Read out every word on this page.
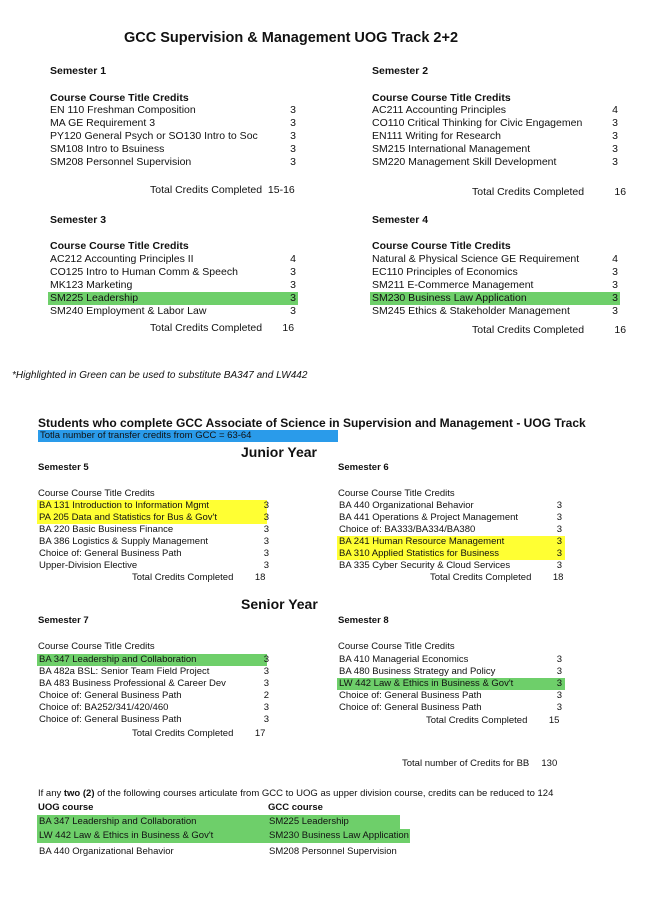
GCC Supervision & Management UOG Track 2+2
Semester 1
Course Course Title Credits
EN 110 Freshman Composition	3
MA GE Requirement 3	3
PY120 General Psych or SO130 Intro to Soc	3
SM108 Intro to Bsuiness	3
SM208 Personnel Supervision	3
Total Credits Completed 15-16
Semester 2
Course Course Title Credits
AC211 Accounting Principles	4
CO110 Critical Thinking for Civic Engagemen	3
EN111 Writing for Research	3
SM215 International Management	3
SM220 Management Skill Development	3
Total Credits Completed	16
Semester 3
Course Course Title Credits
AC212 Accounting Principles II	4
CO125 Intro to Human Comm & Speech	3
MK123 Marketing	3
SM225 Leadership	3
SM240 Employment & Labor Law	3
Total Credits Completed 16
Semester 4
Course Course Title Credits
Natural & Physical Science GE Requirement	4
EC110 Principles of Economics	3
SM211 E-Commerce Management	3
SM230 Business Law Application	3
SM245 Ethics & Stakeholder Management	3
Total Credits Completed	16
*Highlighted in Green can be used to substitute BA347 and LW442
Students who complete GCC Associate of Science in Supervision and Management - UOG Track
Totla number of transfer credits from GCC = 63-64
Junior Year
Semester 5
Course Course Title Credits
BA 131 Introduction to Information Mgmt	3
PA 205 Data and Statistics for Bus & Gov't	3
BA 220 Basic Business Finance	3
BA 386 Logistics & Supply Management	3
Choice of: General Business Path	3
Upper-Division Elective	3
Total Credits Completed 18
Semester 6
Course Course Title Credits
BA 440 Organizational Behavior	3
BA 441 Operations & Project Management	3
Choice of: BA333/BA334/BA380	3
BA 241 Human Resource Management	3
BA 310 Applied Statistics for Business	3
BA 335 Cyber Security & Cloud Services	3
Total Credits Completed 18
Senior Year
Semester 7
Course Course Title Credits
BA 347 Leadership and Collaboration	3
BA 482a BSL: Senior Team Field Project	3
BA 483 Business Professional & Career Dev	3
Choice of: General Business Path	2
Choice of: BA252/341/420/460	3
Choice of: General Business Path	3
Total Credits Completed 17
Semester 8
Course Course Title Credits
BA 410 Managerial Economics	3
BA 480 Business Strategy and Policy	3
LW 442 Law & Ethics in Business & Gov't	3
Choice of: General Business Path	3
Choice of: General Business Path	3
Total Credits Completed 15
Total number of Credits for BB 130
If any two (2) of the following courses articulate from GCC to UOG as upper division course, credits can be reduced to 124
UOG course	GCC course
BA 347 Leadership and Collaboration	SM225 Leadership
LW 442 Law & Ethics in Business & Gov't	SM230 Business Law Application
BA 440 Organizational Behavior	SM208 Personnel Supervision
